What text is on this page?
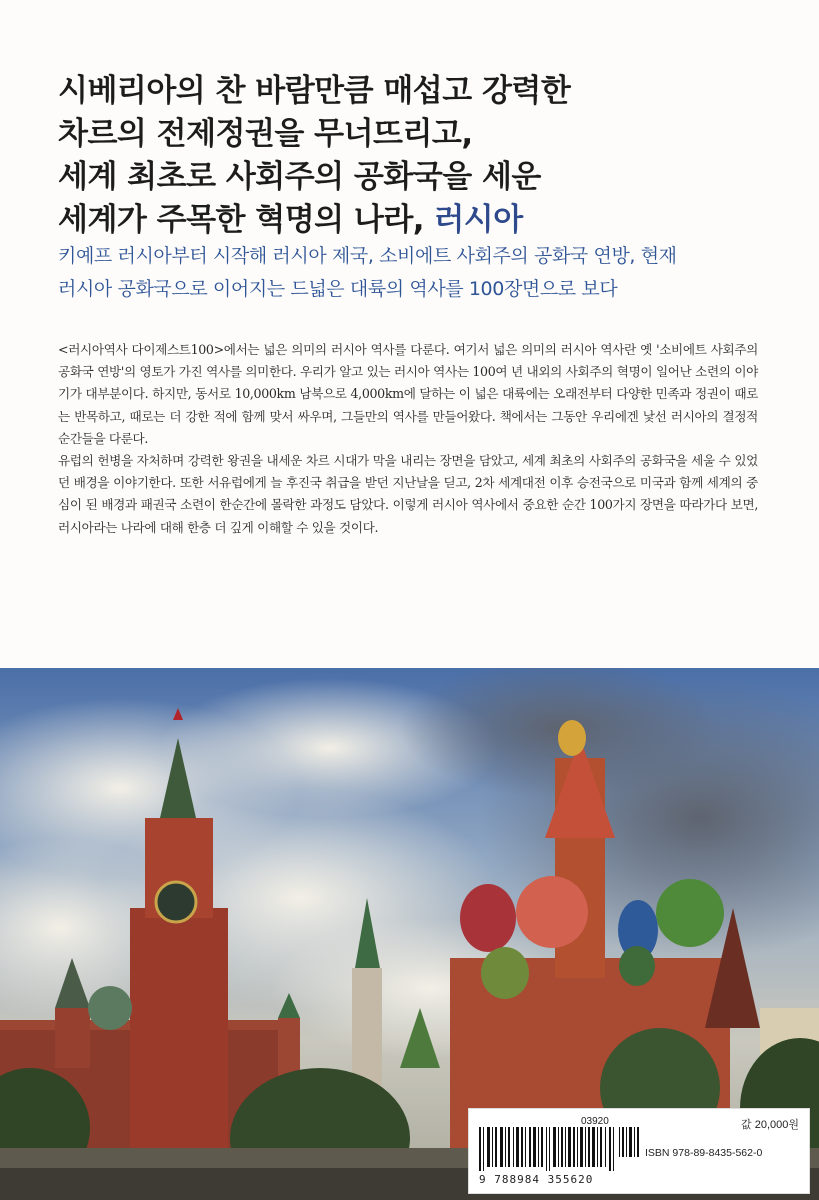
시베리아의 찬 바람만큼 매섭고 강력한
차르의 전제정권을 무너뜨리고,
세계 최초로 사회주의 공화국을 세운
세계가 주목한 혁명의 나라, 러시아
키예프 러시아부터 시작해 러시아 제국, 소비에트 사회주의 공화국 연방, 현재
러시아 공화국으로 이어지는 드넓은 대륙의 역사를 100장면으로 보다

<러시아역사 다이제스트100>에서는 넓은 의미의 러시아 역사를 다룬다. 여기서 넓은 의미의 러시아 역사란 옛 '소비에트 사회주의 공화국 연방'의 영토가 가진 역사를 의미한다. 우리가 알고 있는 러시아 역사는 100여 년 내외의 사회주의 혁명이 일어난 소련의 이야기가 대부분이다. 하지만, 동서로 10,000km 남북으로 4,000km에 달하는 이 넓은 대륙에는 오래전부터 다양한 민족과 정권이 때로는 반목하고, 때로는 더 강한 적에 함께 맞서 싸우며, 그들만의 역사를 만들어왔다. 책에서는 그동안 우리에겐 낯선 러시아의 결정적 순간들을 다룬다.

유럽의 헌병을 자처하며 강력한 왕권을 내세운 차르 시대가 막을 내리는 장면을 담았고, 세계 최초의 사회주의 공화국을 세울 수 있었던 배경을 이야기한다. 또한 서유럽에게 늘 후진국 취급을 받던 지난날을 딛고, 2차 세계대전 이후 승전국으로 미국과 함께 세계의 중심이 된 배경과 패권국 소련이 한순간에 몰락한 과정도 담았다. 이렇게 러시아 역사에서 중요한 순간 100가지 장면을 따라가다 보면, 러시아라는 나라에 대해 한층 더 깊게 이해할 수 있을 것이다.

값 20,000원
03920
ISBN 978-89-8435-562-0
9 788984 355620
